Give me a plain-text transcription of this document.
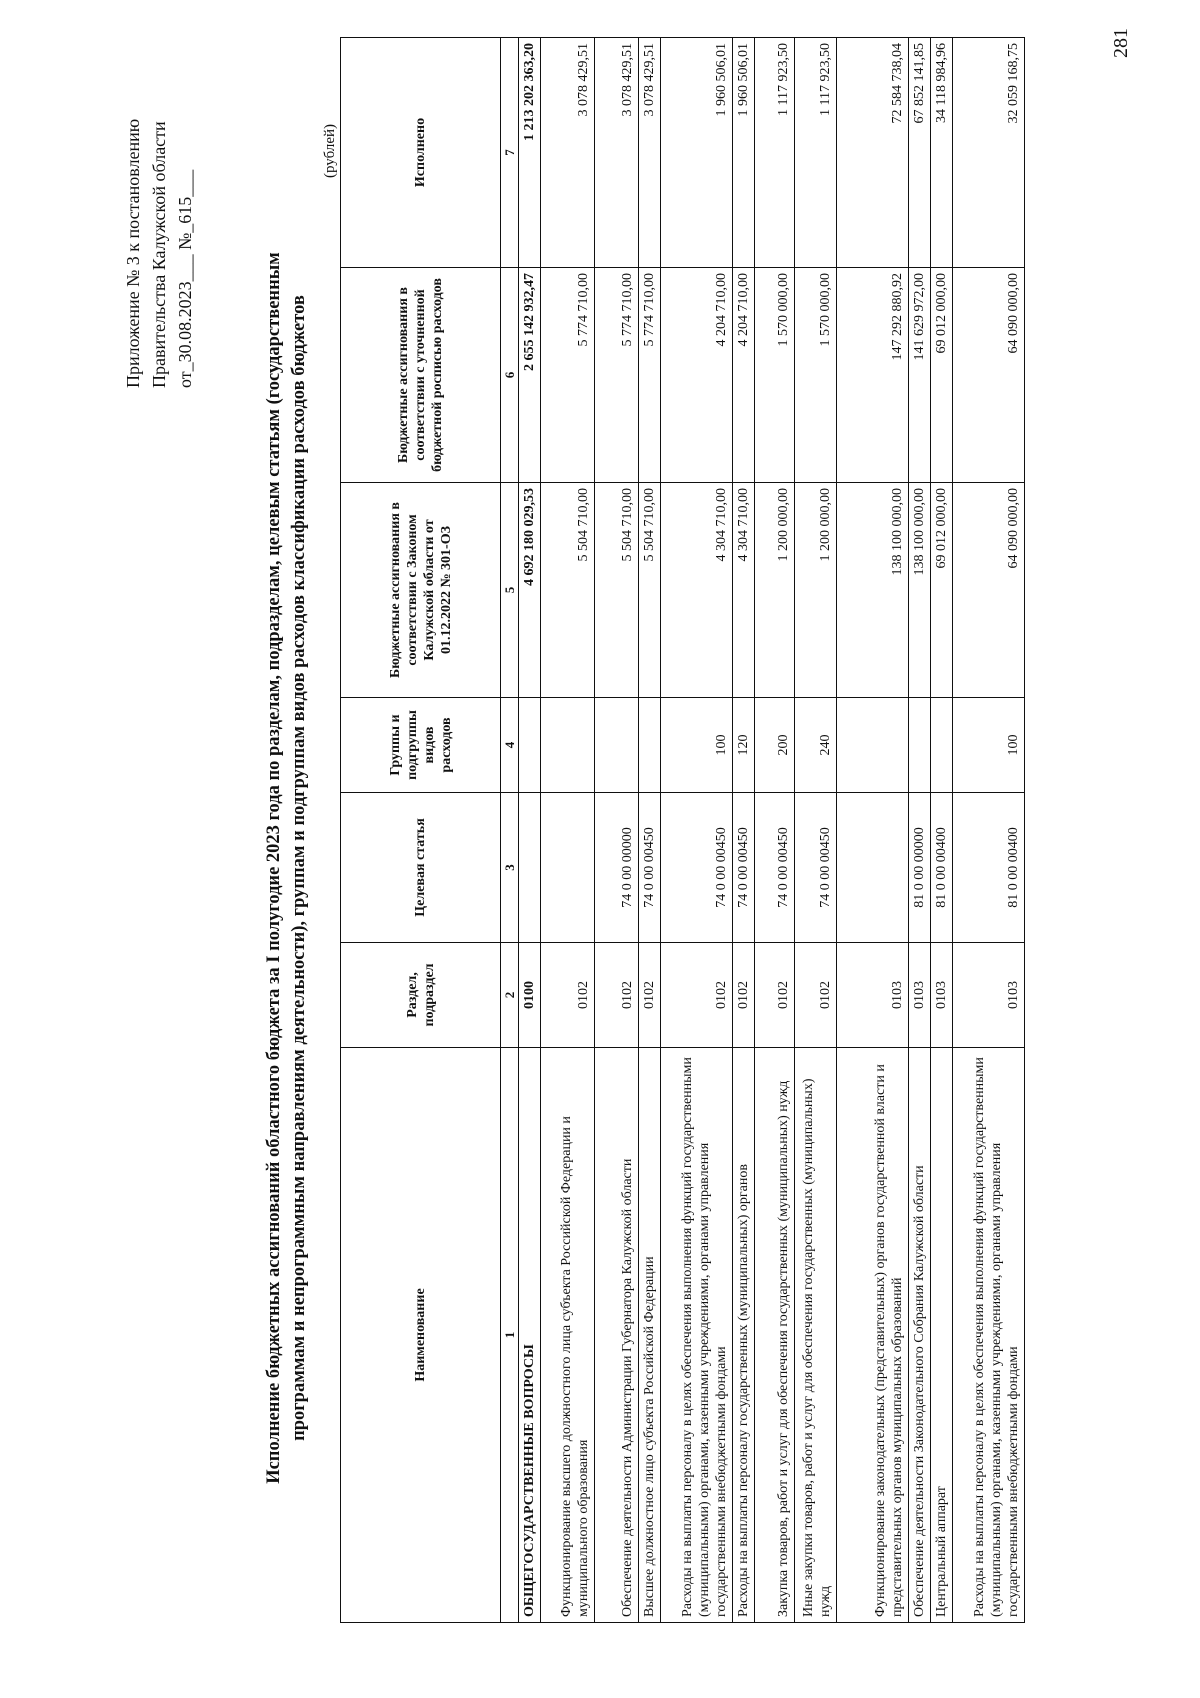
Приложение № 3 к постановлению Правительства Калужской области от_30.08.2023___ №_615___	Исполнение бюджетных ассигнований областного бюджета за I полугодие 2023 года по разделам, подразделам, целевым статьям (государственным программам и непрограммным направлениям деятельности), группам и подгруппам видов расходов классификации расходов бюджетов
(рублей)
Наименование	Раздел, подраздел	Целевая статья	Группы и подгруппы видов расходов	Бюджетные ассигнования в соответствии с Законом Калужской области от 01.12.2022 № 301-ОЗ	Бюджетные ассигнования в соответствии с уточненной бюджетной росписью расходов	Исполнено
1	2	3	4	5	6	7
ОБЩЕГОСУДАРСТВЕННЫЕ ВОПРОСЫ	0100			4 692 180 029,53	2 655 142 932,47	1 213 202 363,20
Функционирование высшего должностного лица субъекта Российской Федерации и муниципального образования	0102			5 504 710,00	5 774 710,00	3 078 429,51
Обеспечение деятельности Администрации Губернатора Калужской области	0102	74 0 00 00000		5 504 710,00	5 774 710,00	3 078 429,51
Высшее должностное лицо субъекта Российской Федерации	0102	74 0 00 00450		5 504 710,00	5 774 710,00	3 078 429,51
Расходы на выплаты персоналу в целях обеспечения выполнения функций государственными (муниципальными) органами, казенными учреждениями, органами управления государственными внебюджетными фондами	0102	74 0 00 00450	100	4 304 710,00	4 204 710,00	1 960 506,01
Расходы на выплаты персоналу государственных (муниципальных) органов	0102	74 0 00 00450	120	4 304 710,00	4 204 710,00	1 960 506,01
Закупка товаров, работ и услуг для обеспечения государственных (муниципальных) нужд	0102	74 0 00 00450	200	1 200 000,00	1 570 000,00	1 117 923,50
Иные закупки товаров, работ и услуг для обеспечения государственных (муниципальных) нужд	0102	74 0 00 00450	240	1 200 000,00	1 570 000,00	1 117 923,50
Функционирование законодательных (представительных) органов государственной власти и представительных органов муниципальных образований	0103			138 100 000,00	147 292 880,92	72 584 738,04
Обеспечение деятельности Законодательного Собрания Калужской области	0103	81 0 00 00000		138 100 000,00	141 629 972,00	67 852 141,85
Центральный аппарат	0103	81 0 00 00400		69 012 000,00	69 012 000,00	34 118 984,96
Расходы на выплаты персоналу в целях обеспечения выполнения функций государственными (муниципальными) органами, казенными учреждениями, органами управления государственными внебюджетными фондами	0103	81 0 00 00400	100	64 090 000,00	64 090 000,00	32 059 168,75	281
